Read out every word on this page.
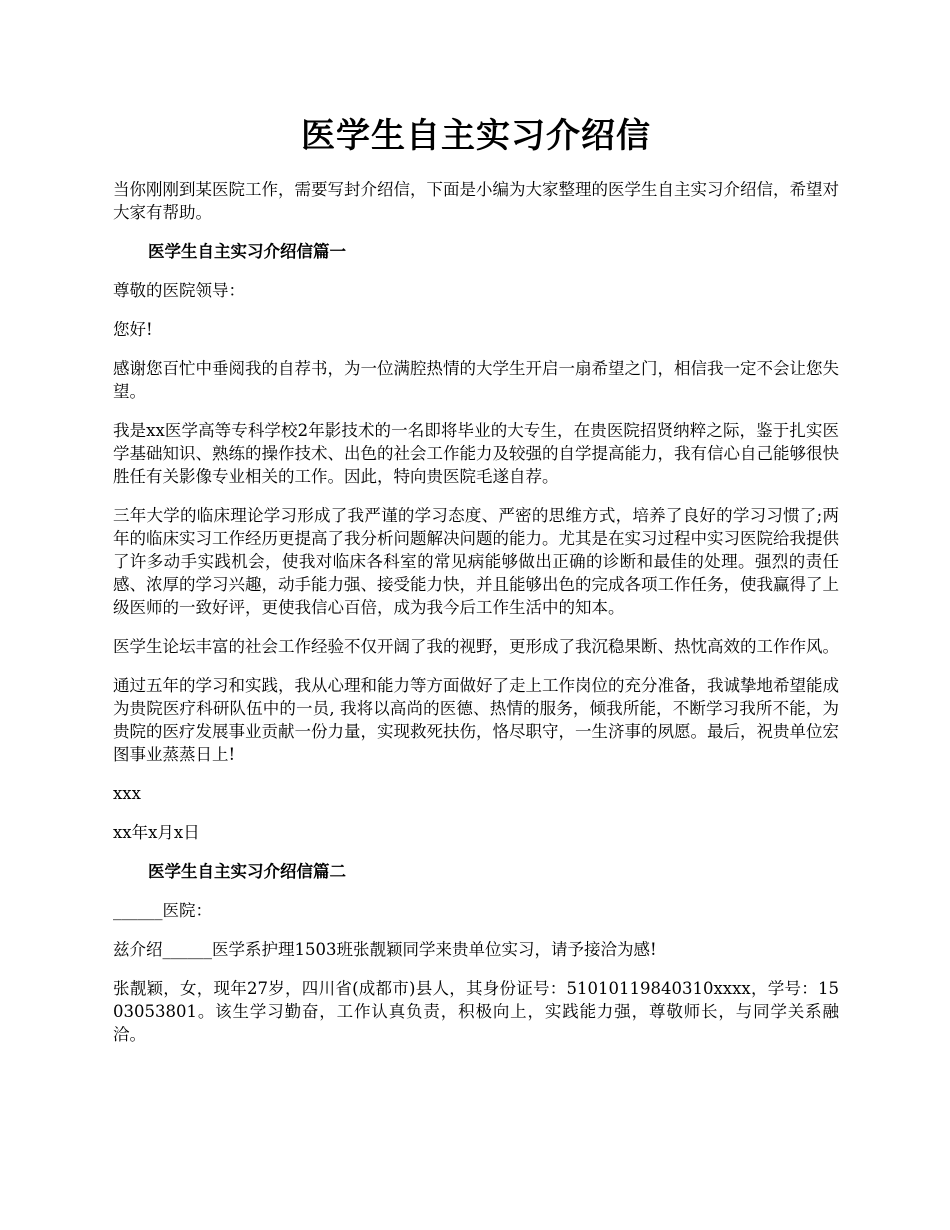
医学生自主实习介绍信

当你刚刚到某医院工作，需要写封介绍信，下面是小编为大家整理的医学生自主实习介绍信，希望对大家有帮助。

医学生自主实习介绍信篇一

尊敬的医院领导：

您好!

感谢您百忙中垂阅我的自荐书，为一位满腔热情的大学生开启一扇希望之门，相信我一定不会让您失望。

我是xx医学高等专科学校2年影技术的一名即将毕业的大专生，在贵医院招贤纳粹之际，鉴于扎实医学基础知识、熟练的操作技术、出色的社会工作能力及较强的自学提高能力，我有信心自己能够很快胜任有关影像专业相关的工作。因此，特向贵医院毛遂自荐。

三年大学的临床理论学习形成了我严谨的学习态度、严密的思维方式，培养了良好的学习习惯了;两年的临床实习工作经历更提高了我分析问题解决问题的能力。尤其是在实习过程中实习医院给我提供了许多动手实践机会，使我对临床各科室的常见病能够做出正确的诊断和最佳的处理。强烈的责任感、浓厚的学习兴趣，动手能力强、接受能力快，并且能够出色的完成各项工作任务，使我赢得了上级医师的一致好评，更使我信心百倍，成为我今后工作生活中的知本。

医学生论坛丰富的社会工作经验不仅开阔了我的视野，更形成了我沉稳果断、热忱高效的工作作风。

通过五年的学习和实践，我从心理和能力等方面做好了走上工作岗位的充分准备，我诚挚地希望能成为贵院医疗科研队伍中的一员, 我将以高尚的医德、热情的服务，倾我所能，不断学习我所不能，为贵院的医疗发展事业贡献一份力量，实现救死扶伤，恪尽职守，一生济事的夙愿。最后，祝贵单位宏图事业蒸蒸日上!

xxx

xx年x月x日

医学生自主实习介绍信篇二

______医院：

兹介绍______医学系护理1503班张靓颖同学来贵单位实习，请予接洽为感!

张靓颖，女，现年27岁，四川省(成都市)县人，其身份证号：51010119840310xxxx，学号：1503053801。该生学习勤奋，工作认真负责，积极向上，实践能力强，尊敬师长，与同学关系融洽。
